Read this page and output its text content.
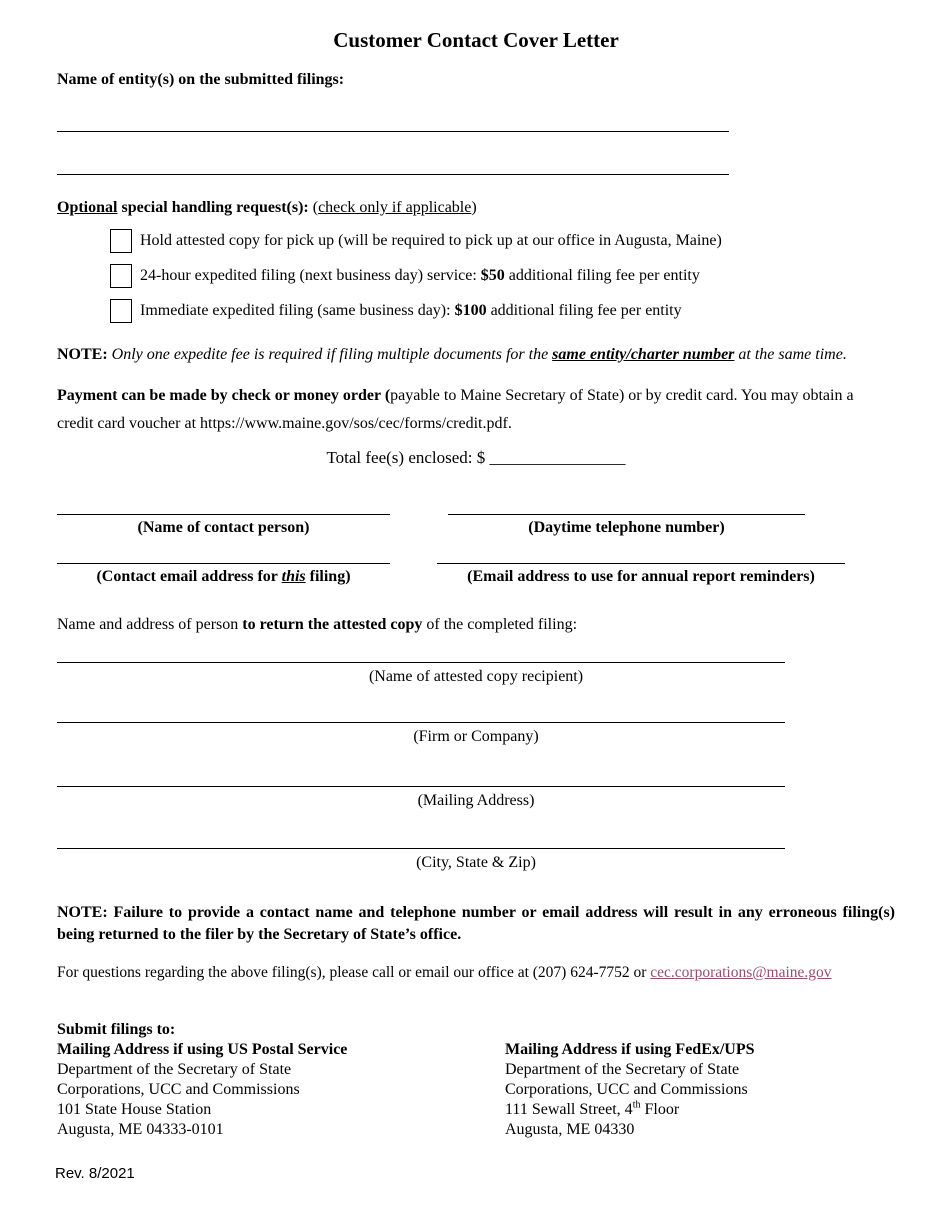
Customer Contact Cover Letter

Name of entity(s) on the submitted filings:

Optional special handling request(s): (check only if applicable)

Hold attested copy for pick up (will be required to pick up at our office in Augusta, Maine)
24-hour expedited filing (next business day) service: $50 additional filing fee per entity
Immediate expedited filing (same business day): $100 additional filing fee per entity

NOTE: Only one expedite fee is required if filing multiple documents for the same entity/charter number at the same time.

Payment can be made by check or money order (payable to Maine Secretary of State) or by credit card. You may obtain a credit card voucher at https://www.maine.gov/sos/cec/forms/credit.pdf.

Total fee(s) enclosed: $ ________________

(Name of contact person)	(Daytime telephone number)
(Contact email address for this filing)	(Email address to use for annual report reminders)

Name and address of person to return the attested copy of the completed filing:

(Name of attested copy recipient)
(Firm or Company)
(Mailing Address)
(City, State & Zip)

NOTE: Failure to provide a contact name and telephone number or email address will result in any erroneous filing(s) being returned to the filer by the Secretary of State’s office.

For questions regarding the above filing(s), please call or email our office at (207) 624-7752 or cec.corporations@maine.gov

Submit filings to:

Mailing Address if using US Postal Service
Department of the Secretary of State
Corporations, UCC and Commissions
101 State House Station
Augusta, ME 04333-0101
Mailing Address if using FedEx/UPS
Department of the Secretary of State
Corporations, UCC and Commissions
111 Sewall Street, 4th Floor
Augusta, ME 04330
Rev. 8/2021
